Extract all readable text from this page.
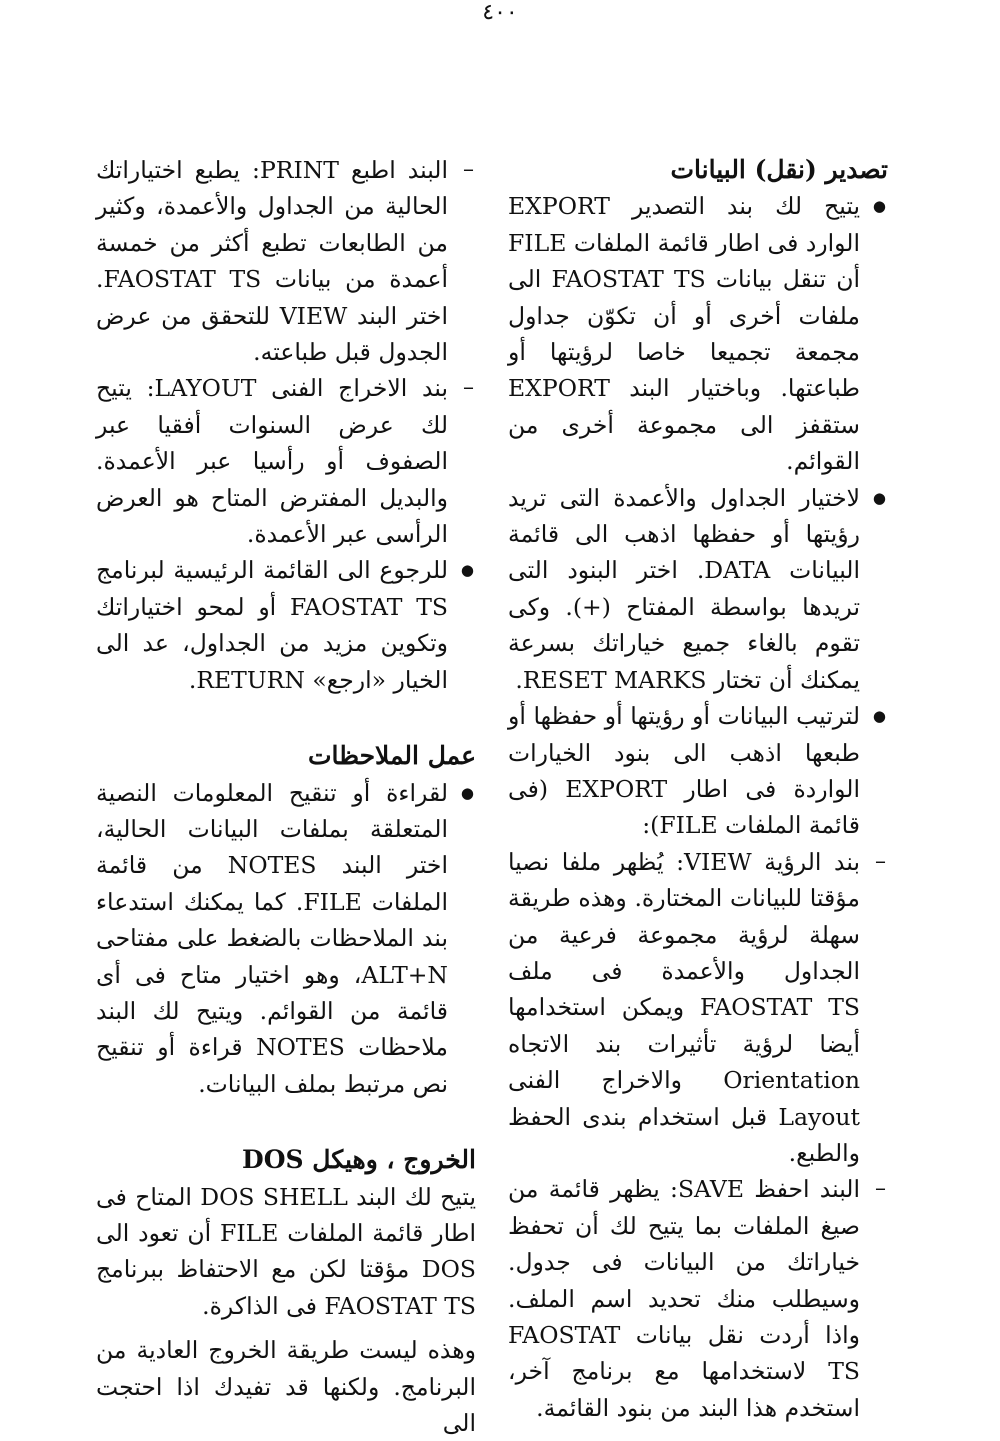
٤٠٠
تصدير (نقل) البيانات
● يتيح لك بند التصدير EXPORT الوارد فى اطار قائمة الملفات FILE أن تنقل بيانات FAOSTAT TS الى ملفات أخرى أو أن تكوّن جداول مجمعة تجميعا خاصا لرؤيتها أو طباعتها. وباختيار البند EXPORT ستقفز الى مجموعة أخرى من القوائم.
● لاختيار الجداول والأعمدة التى تريد رؤيتها أو حفظها اذهب الى قائمة البيانات DATA. اختر البنود التى تريدها بواسطة المفتاح (+). وكى تقوم بالغاء جميع خياراتك بسرعة يمكنك أن تختار RESET MARKS.
● لترتيب البيانات أو رؤيتها أو حفظها أو طبعها اذهب الى بنود الخيارات الواردة فى اطار EXPORT (فى قائمة الملفات FILE):
– بند الرؤية VIEW: يُظهر ملفا نصيا مؤقتا للبيانات المختارة. وهذه طريقة سهلة لرؤية مجموعة فرعية من الجداول والأعمدة فى ملف FAOSTAT TS ويمكن استخدامها أيضا لرؤية تأثيرات بند الاتجاه Orientation والاخراج الفنى Layout قبل استخدام بندى الحفظ والطبع.
– البند احفظ SAVE: يظهر قائمة من صيغ الملفات بما يتيح لك أن تحفظ خياراتك من البيانات فى جدول. وسيطلب منك تحديد اسم الملف. واذا أردت نقل بيانات FAOSTAT TS لاستخدامها مع برنامج آخر، استخدم هذا البند من بنود القائمة.
– البند اطبع PRINT: يطبع اختياراتك الحالية من الجداول والأعمدة، وكثير من الطابعات تطبع أكثر من خمسة أعمدة من بيانات FAOSTAT TS. اختر البند VIEW للتحقق من عرض الجدول قبل طباعته.
– بند الاخراج الفنى LAYOUT: يتيح لك عرض السنوات أفقيا عبر الصفوف أو رأسيا عبر الأعمدة. والبديل المفترض المتاح هو العرض الرأسى عبر الأعمدة.
● للرجوع الى القائمة الرئيسية لبرنامج FAOSTAT TS أو لمحو اختياراتك وتكوين مزيد من الجداول، عد الى الخيار «ارجع» RETURN.
عمل الملاحظات
● لقراءة أو تنقيح المعلومات النصية المتعلقة بملفات البيانات الحالية، اختر البند NOTES من قائمة الملفات FILE. كما يمكنك استدعاء بند الملاحظات بالضغط على مفتاحى ALT+N، وهو اختيار متاح فى أى قائمة من القوائم. ويتيح لك البند ملاحظات NOTES قراءة أو تنقيح نص مرتبط بملف البيانات.
الخروج ، وهيكل DOS

يتيح لك البند DOS SHELL المتاح فى اطار قائمة الملفات FILE أن تعود الى DOS مؤقتا لكن مع الاحتفاظ ببرنامج FAOSTAT TS فى الذاكرة.

وهذه ليست طريقة الخروج العادية من البرنامج. ولكنها قد تفيدك اذا احتجت الى
